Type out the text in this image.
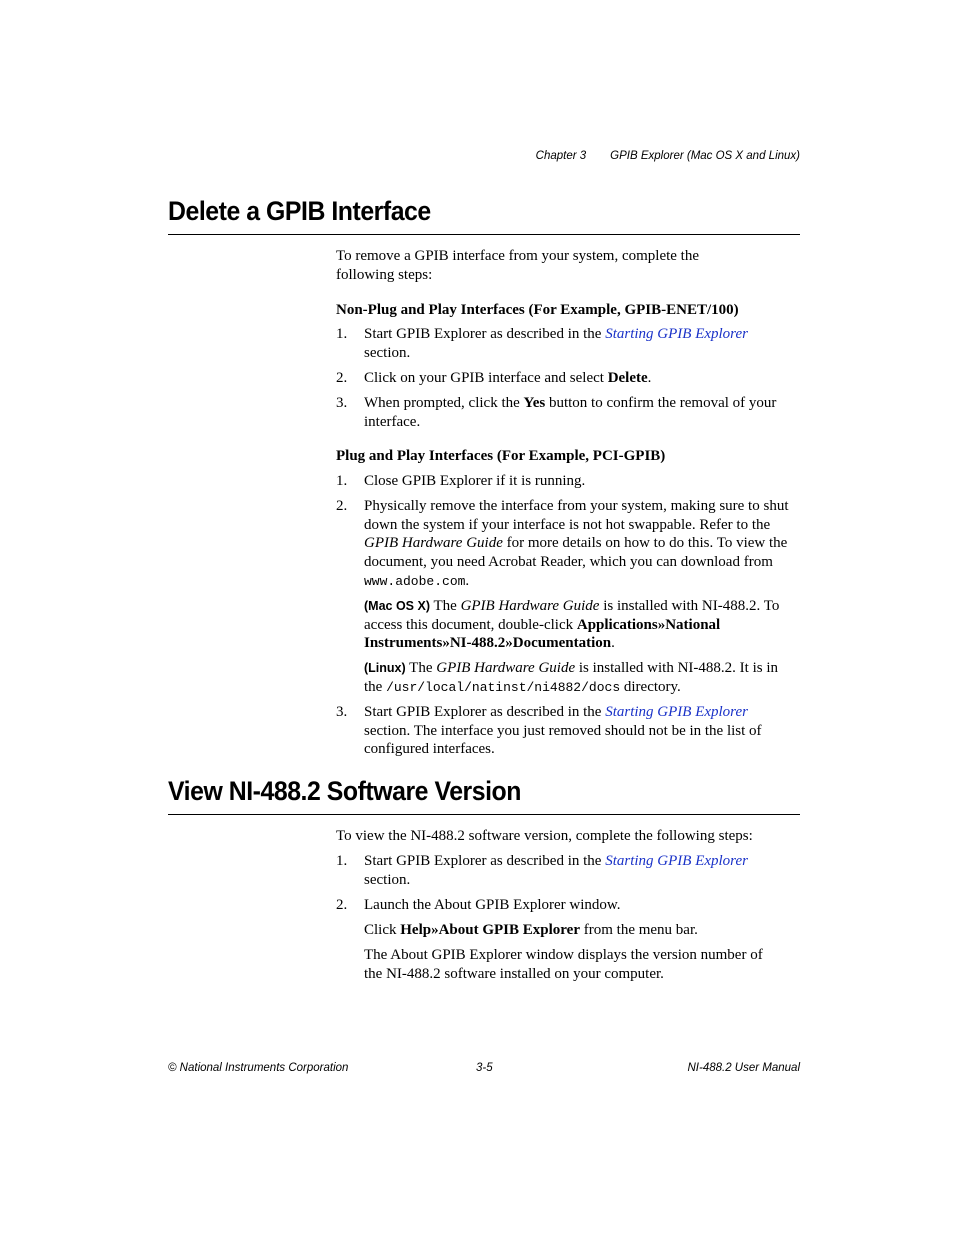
Chapter 3 GPIB Explorer (Mac OS X and Linux)
Delete a GPIB Interface
To remove a GPIB interface from your system, complete the
following steps:
Non-Plug and Play Interfaces (For Example, GPIB-ENET/100)
1. Start GPIB Explorer as described in the Starting GPIB Explorer
section.
2. Click on your GPIB interface and select Delete.
3. When prompted, click the Yes button to confirm the removal of your
interface.
Plug and Play Interfaces (For Example, PCI-GPIB)
1. Close GPIB Explorer if it is running.
2. Physically remove the interface from your system, making sure to shut
down the system if your interface is not hot swappable. Refer to the
GPIB Hardware Guide for more details on how to do this. To view the
document, you need Acrobat Reader, which you can download from
www.adobe.com.
(Mac OS X) The GPIB Hardware Guide is installed with NI-488.2. To
access this document, double-click Applications»National
Instruments»NI-488.2»Documentation.
(Linux) The GPIB Hardware Guide is installed with NI-488.2. It is in
the /usr/local/natinst/ni4882/docs directory.
3. Start GPIB Explorer as described in the Starting GPIB Explorer
section. The interface you just removed should not be in the list of
configured interfaces.
View NI-488.2 Software Version
To view the NI-488.2 software version, complete the following steps:
1. Start GPIB Explorer as described in the Starting GPIB Explorer
section.
2. Launch the About GPIB Explorer window.
Click Help»About GPIB Explorer from the menu bar.
The About GPIB Explorer window displays the version number of
the NI-488.2 software installed on your computer.
© National Instruments Corporation	3-5	NI-488.2 User Manual
